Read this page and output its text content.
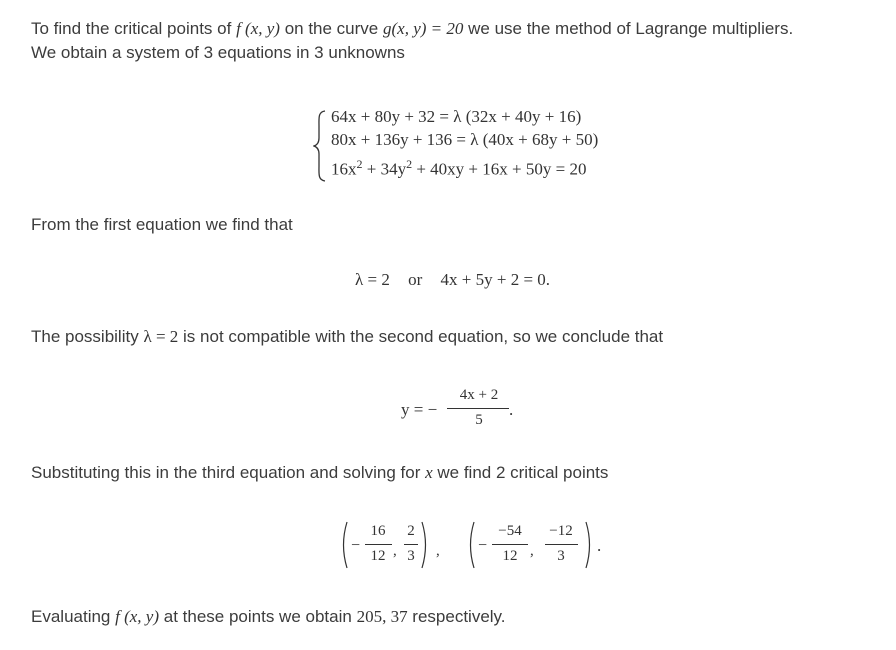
To find the critical points of f (x, y) on the curve g(x, y) = 20 we use the method of Lagrange multipliers.
We obtain a system of 3 equations in 3 unknowns
64x + 80y + 32 = λ (32x + 40y + 16)
80x + 136y + 136 = λ (40x + 68y + 50)
$16x^2 + 34y^2 + 40xy + 16x + 50y = 20$
From the first equation we find that
λ = 2 or 4x + 5y + 2 = 0.
The possibility λ = 2 is not compatible with the second equation, so we conclude that
y = −
4x + 2
5
.
Substituting this in the third equation and solving for x we find 2 critical points
−
16
12 ,
2
3 , −
−54
12 ,
−12
3
.
Evaluating f (x, y) at these points we obtain 205, 37 respectively.
